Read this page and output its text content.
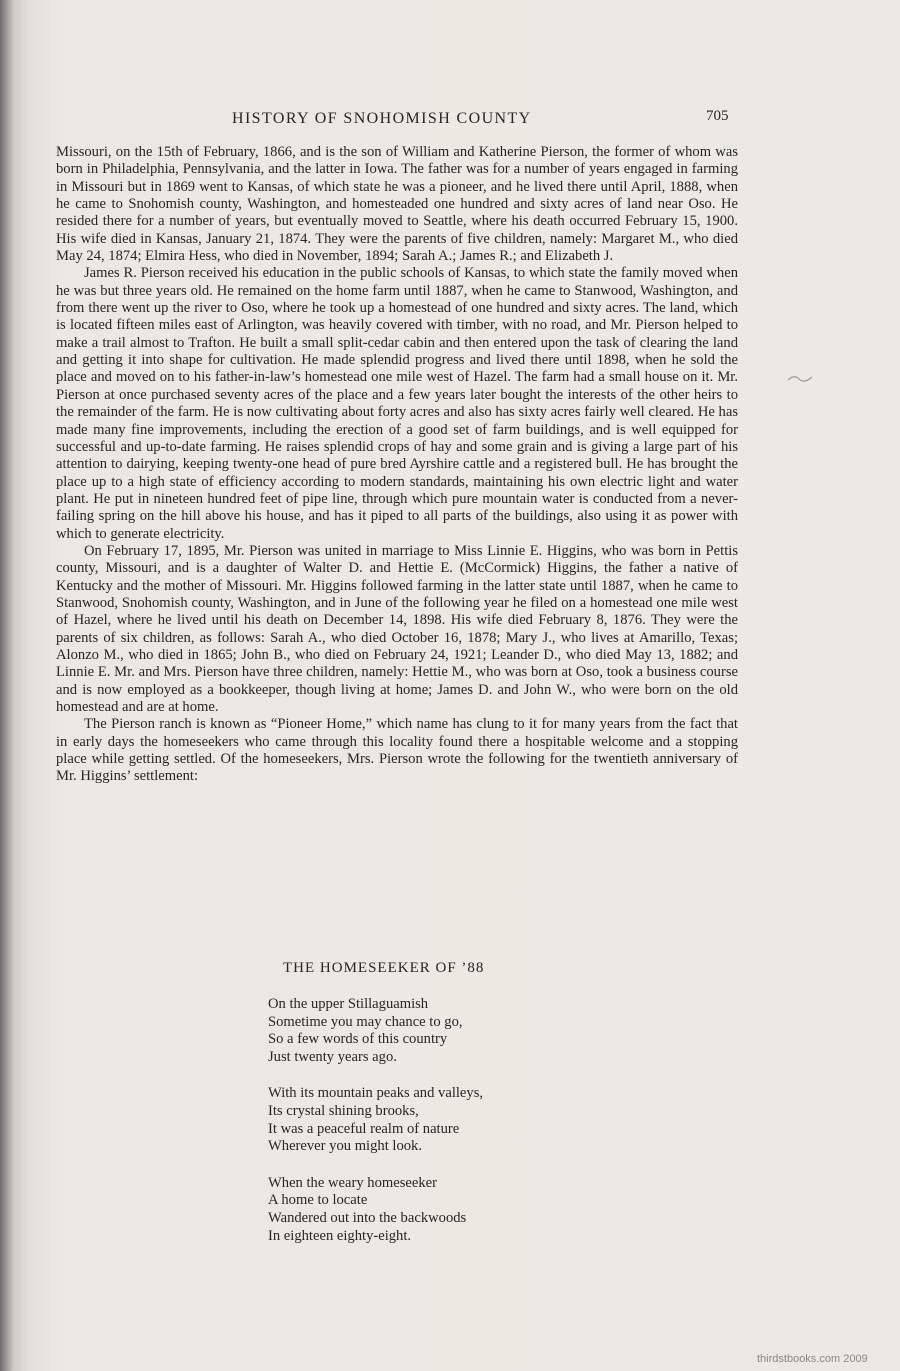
HISTORY OF SNOHOMISH COUNTY	705

Missouri, on the 15th of February, 1866, and is the son of William and Katherine Pierson, the former of whom was born in Philadelphia, Pennsylvania, and the latter in Iowa. The father was for a number of years engaged in farming in Missouri but in 1869 went to Kansas, of which state he was a pioneer, and he lived there until April, 1888, when he came to Snohomish county, Washington, and homesteaded one hundred and sixty acres of land near Oso. He resided there for a number of years, but eventually moved to Seattle, where his death occurred February 15, 1900. His wife died in Kansas, January 21, 1874. They were the parents of five children, namely: Margaret M., who died May 24, 1874; Elmira Hess, who died in November, 1894; Sarah A.; James R.; and Elizabeth J.

James R. Pierson received his education in the public schools of Kansas, to which state the family moved when he was but three years old. He remained on the home farm until 1887, when he came to Stanwood, Washington, and from there went up the river to Oso, where he took up a homestead of one hundred and sixty acres. The land, which is located fifteen miles east of Arlington, was heavily covered with timber, with no road, and Mr. Pierson helped to make a trail almost to Trafton. He built a small split-cedar cabin and then entered upon the task of clearing the land and getting it into shape for cultivation. He made splendid progress and lived there until 1898, when he sold the place and moved on to his father-in-law’s homestead one mile west of Hazel. The farm had a small house on it. Mr. Pierson at once purchased seventy acres of the place and a few years later bought the interests of the other heirs to the remainder of the farm. He is now cultivating about forty acres and also has sixty acres fairly well cleared. He has made many fine improvements, including the erection of a good set of farm buildings, and is well equipped for successful and up-to-date farming. He raises splendid crops of hay and some grain and is giving a large part of his attention to dairying, keeping twenty-one head of pure bred Ayrshire cattle and a registered bull. He has brought the place up to a high state of efficiency according to modern standards, maintaining his own electric light and water plant. He put in nineteen hundred feet of pipe line, through which pure mountain water is conducted from a never-failing spring on the hill above his house, and has it piped to all parts of the buildings, also using it as power with which to generate electricity.

On February 17, 1895, Mr. Pierson was united in marriage to Miss Linnie E. Higgins, who was born in Pettis county, Missouri, and is a daughter of Walter D. and Hettie E. (McCormick) Higgins, the father a native of Kentucky and the mother of Missouri. Mr. Higgins followed farming in the latter state until 1887, when he came to Stanwood, Snohomish county, Washington, and in June of the following year he filed on a homestead one mile west of Hazel, where he lived until his death on December 14, 1898. His wife died February 8, 1876. They were the parents of six children, as follows: Sarah A., who died October 16, 1878; Mary J., who lives at Amarillo, Texas; Alonzo M., who died in 1865; John B., who died on February 24, 1921; Leander D., who died May 13, 1882; and Linnie E. Mr. and Mrs. Pierson have three children, namely: Hettie M., who was born at Oso, took a business course and is now employed as a bookkeeper, though living at home; James D. and John W., who were born on the old homestead and are at home.

The Pierson ranch is known as “Pioneer Home,” which name has clung to it for many years from the fact that in early days the homeseekers who came through this locality found there a hospitable welcome and a stopping place while getting settled. Of the homeseekers, Mrs. Pierson wrote the following for the twentieth anniversary of Mr. Higgins’ settlement:

THE HOMESEEKER OF ’88
On the upper Stillaguamish
Sometime you may chance to go,
So a few words of this country
Just twenty years ago.
With its mountain peaks and valleys,
Its crystal shining brooks,
It was a peaceful realm of nature
Wherever you might look.
When the weary homeseeker
A home to locate
Wandered out into the backwoods
In eighteen eighty-eight.
thirdstbooks.com 2009
